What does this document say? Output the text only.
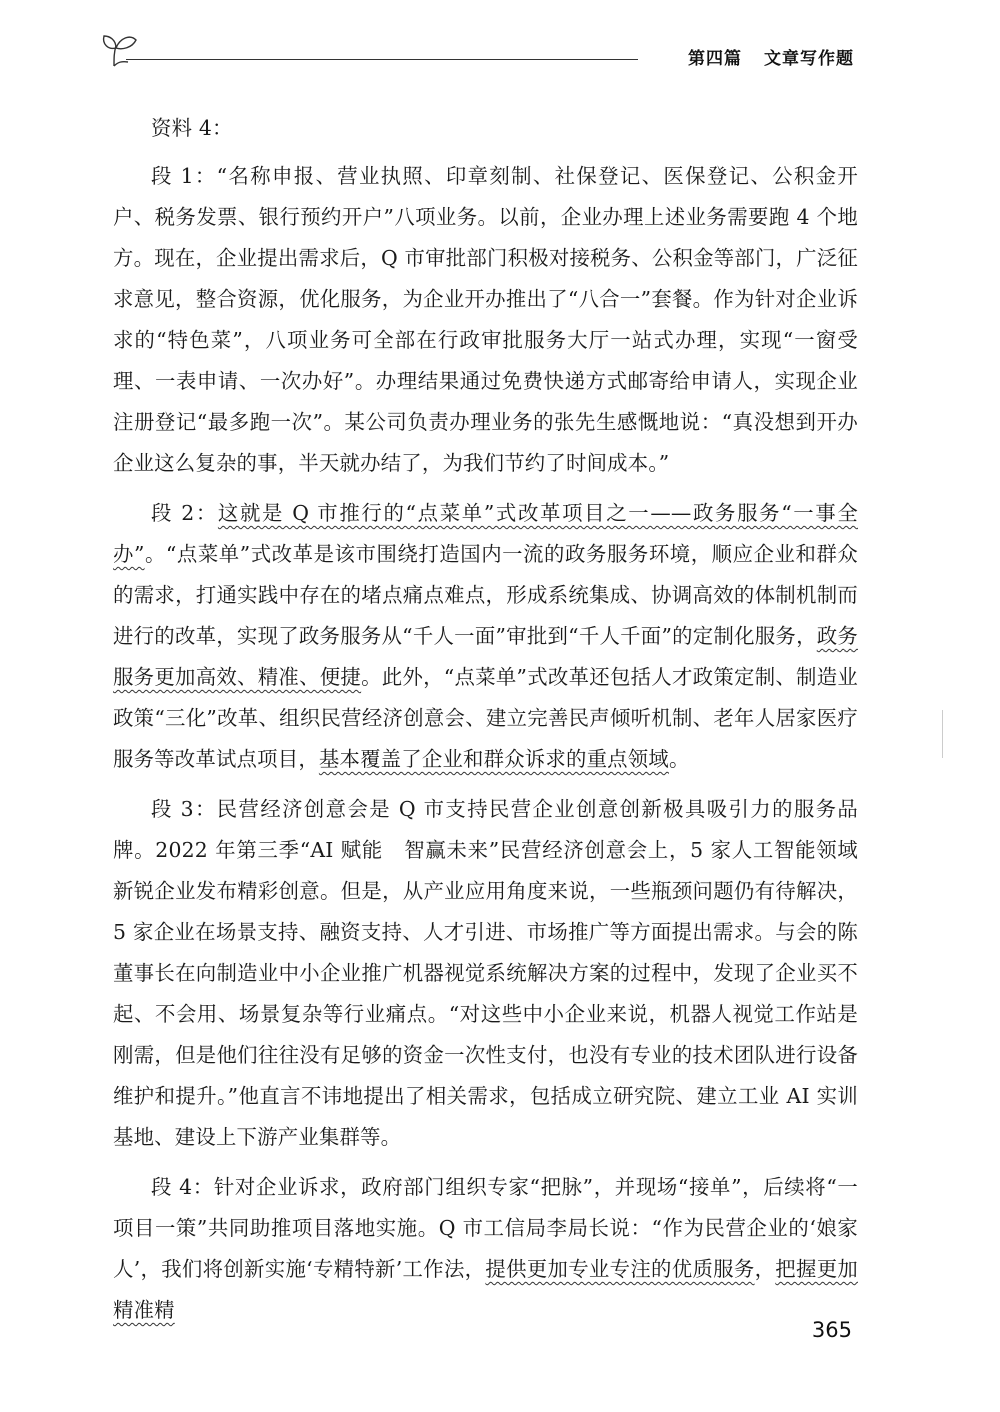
第四篇 文章写作题

资料 4：

段 1：“名称申报、营业执照、印章刻制、社保登记、医保登记、公积金开户、税务发票、银行预约开户”八项业务。以前，企业办理上述业务需要跑 4 个地方。现在，企业提出需求后，Q 市审批部门积极对接税务、公积金等部门，广泛征求意见，整合资源，优化服务，为企业开办推出了“八合一”套餐。作为针对企业诉求的“特色菜”，八项业务可全部在行政审批服务大厅一站式办理，实现“一窗受理、一表申请、一次办好”。办理结果通过免费快递方式邮寄给申请人，实现企业注册登记“最多跑一次”。某公司负责办理业务的张先生感慨地说：“真没想到开办企业这么复杂的事，半天就办结了，为我们节约了时间成本。”

段 2：这就是 Q 市推行的“点菜单”式改革项目之一——政务服务“一事全办”。“点菜单”式改革是该市围绕打造国内一流的政务服务环境，顺应企业和群众的需求，打通实践中存在的堵点痛点难点，形成系统集成、协调高效的体制机制而进行的改革，实现了政务服务从“千人一面”审批到“千人千面”的定制化服务，政务服务更加高效、精准、便捷。此外，“点菜单”式改革还包括人才政策定制、制造业政策“三化”改革、组织民营经济创意会、建立完善民声倾听机制、老年人居家医疗服务等改革试点项目，基本覆盖了企业和群众诉求的重点领域。

段 3：民营经济创意会是 Q 市支持民营企业创意创新极具吸引力的服务品牌。2022 年第三季“AI 赋能　智赢未来”民营经济创意会上，5 家人工智能领域新锐企业发布精彩创意。但是，从产业应用角度来说，一些瓶颈问题仍有待解决，5 家企业在场景支持、融资支持、人才引进、市场推广等方面提出需求。与会的陈董事长在向制造业中小企业推广机器视觉系统解决方案的过程中，发现了企业买不起、不会用、场景复杂等行业痛点。“对这些中小企业来说，机器人视觉工作站是刚需，但是他们往往没有足够的资金一次性支付，也没有专业的技术团队进行设备维护和提升。”他直言不讳地提出了相关需求，包括成立研究院、建立工业 AI 实训基地、建设上下游产业集群等。

段 4：针对企业诉求，政府部门组织专家“把脉”，并现场“接单”，后续将“一项目一策”共同助推项目落地实施。Q 市工信局李局长说：“作为民营企业的‘娘家人’，我们将创新实施‘专精特新’工作法，提供更加专业专注的优质服务，把握更加精准精

365
